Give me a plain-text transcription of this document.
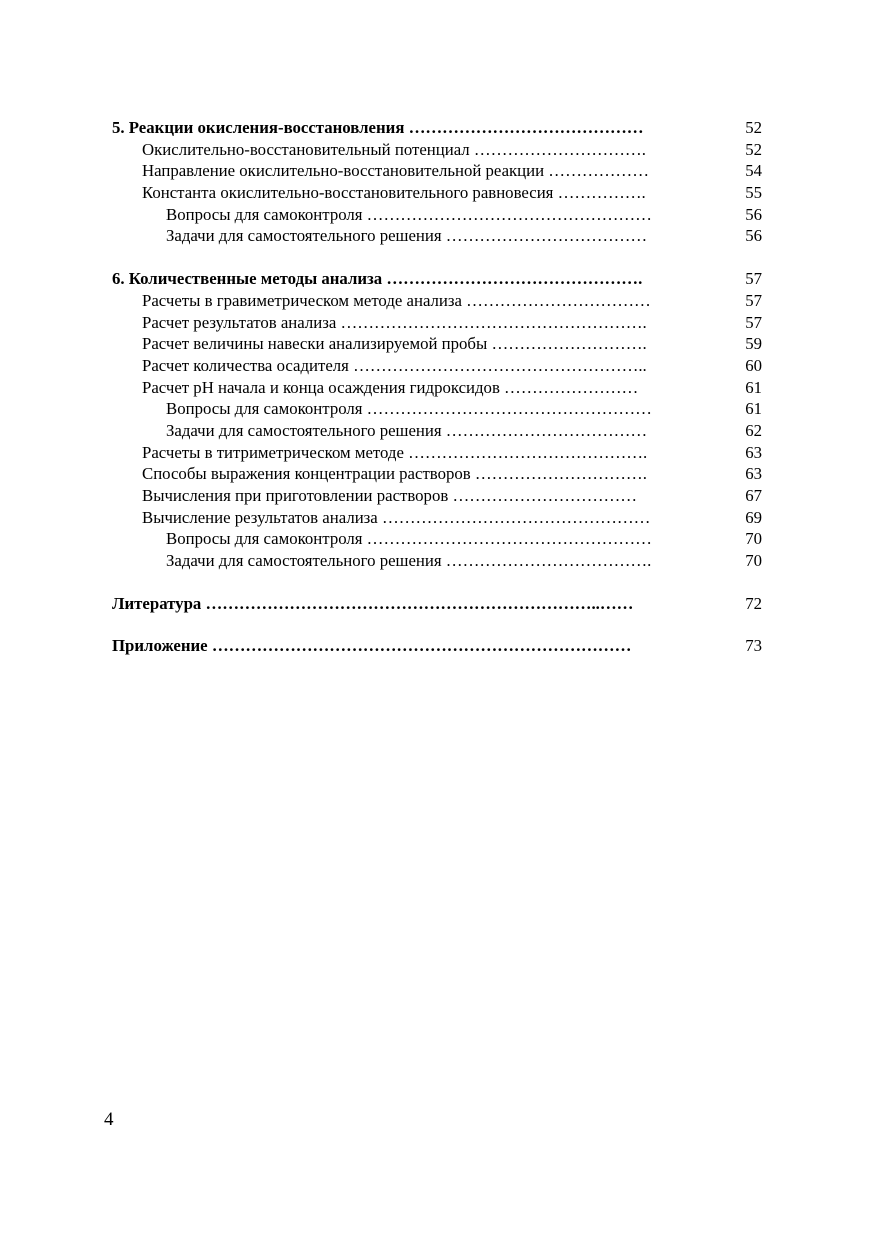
5. Реакции окисления-восстановления ……………………………………	52
Окислительно-восстановительный потенциал ………………………….	52
Направление окислительно-восстановительной реакции ………………	54
Константа окислительно-восстановительного равновесия …………….	55
Вопросы для самоконтроля ……………………………………………	56
Задачи для самостоятельного решения ………………………………	56
6. Количественные методы анализа ……………………………………….	57
Расчеты в гравиметрическом методе анализа ……………………………	57
Расчет результатов анализа ……………………………………………….	57
Расчет величины навески анализируемой пробы ……………………….	59
Расчет количества осадителя ……………………………………………..	60
Расчет pH начала и конца осаждения гидроксидов ……………………	61
Вопросы для самоконтроля ……………………………………………	61
Задачи для самостоятельного решения ………………………………	62
Расчеты в титриметрическом методе …………………………………….	63
Способы выражения концентрации растворов ………………………….	63
Вычисления при приготовлении растворов ……………………………	67
Вычисление результатов анализа …………………………………………	69
Вопросы для самоконтроля ……………………………………………	70
Задачи для самостоятельного решения ……………………………….	70
Литература ……………………………………………………………..……	72
Приложение …………………………………………………………………	73
4
